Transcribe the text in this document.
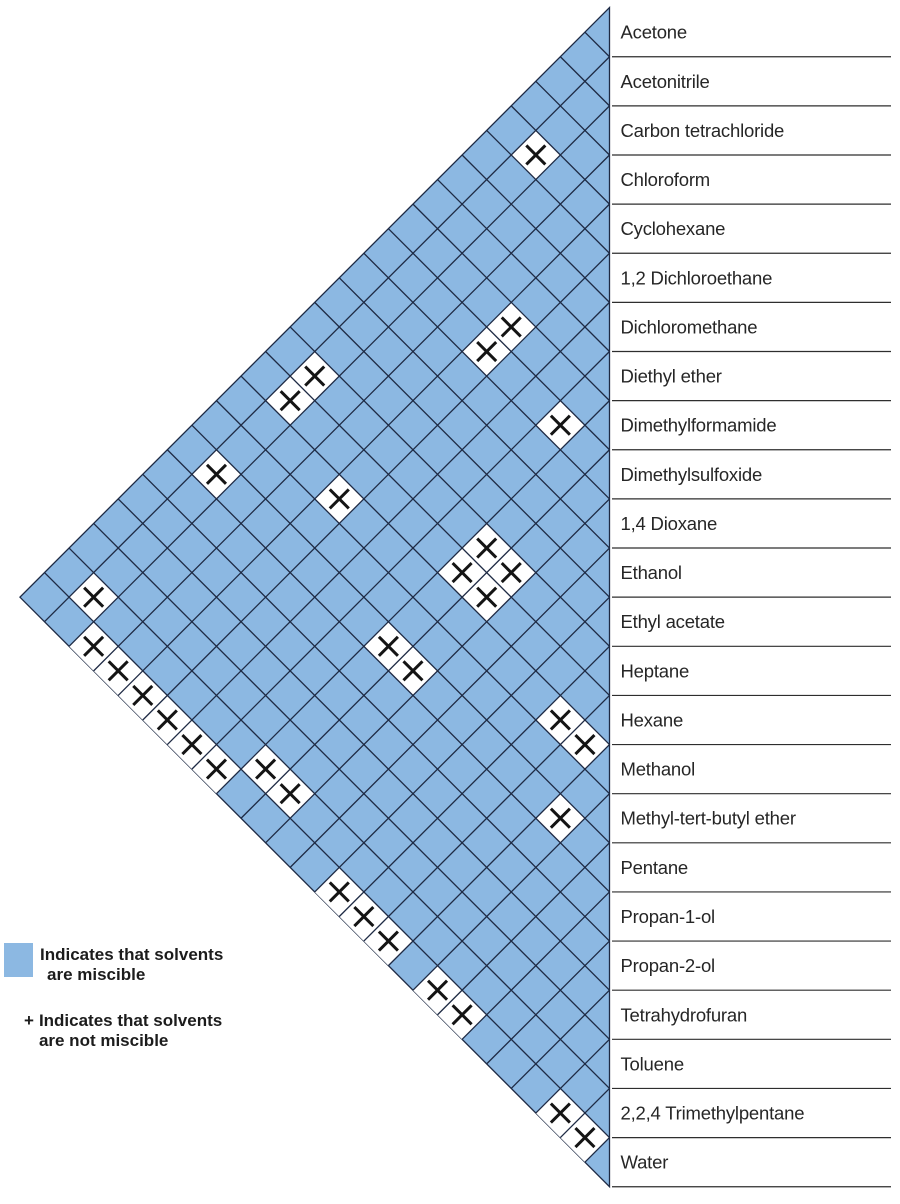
Acetone
Acetonitrile
Carbon tetrachloride
Chloroform
Cyclohexane
1,2 Dichloroethane
Dichloromethane
Diethyl ether
Dimethylformamide
Dimethylsulfoxide
1,4 Dioxane
Ethanol
Ethyl acetate
Heptane
Hexane
Methanol
Methyl-tert-butyl ether
Pentane
Propan-1-ol
Propan-2-ol
Tetrahydrofuran
Toluene
2,2,4 Trimethylpentane
Water
Indicates that solvents
are miscible
+ Indicates that solvents
are not miscible
